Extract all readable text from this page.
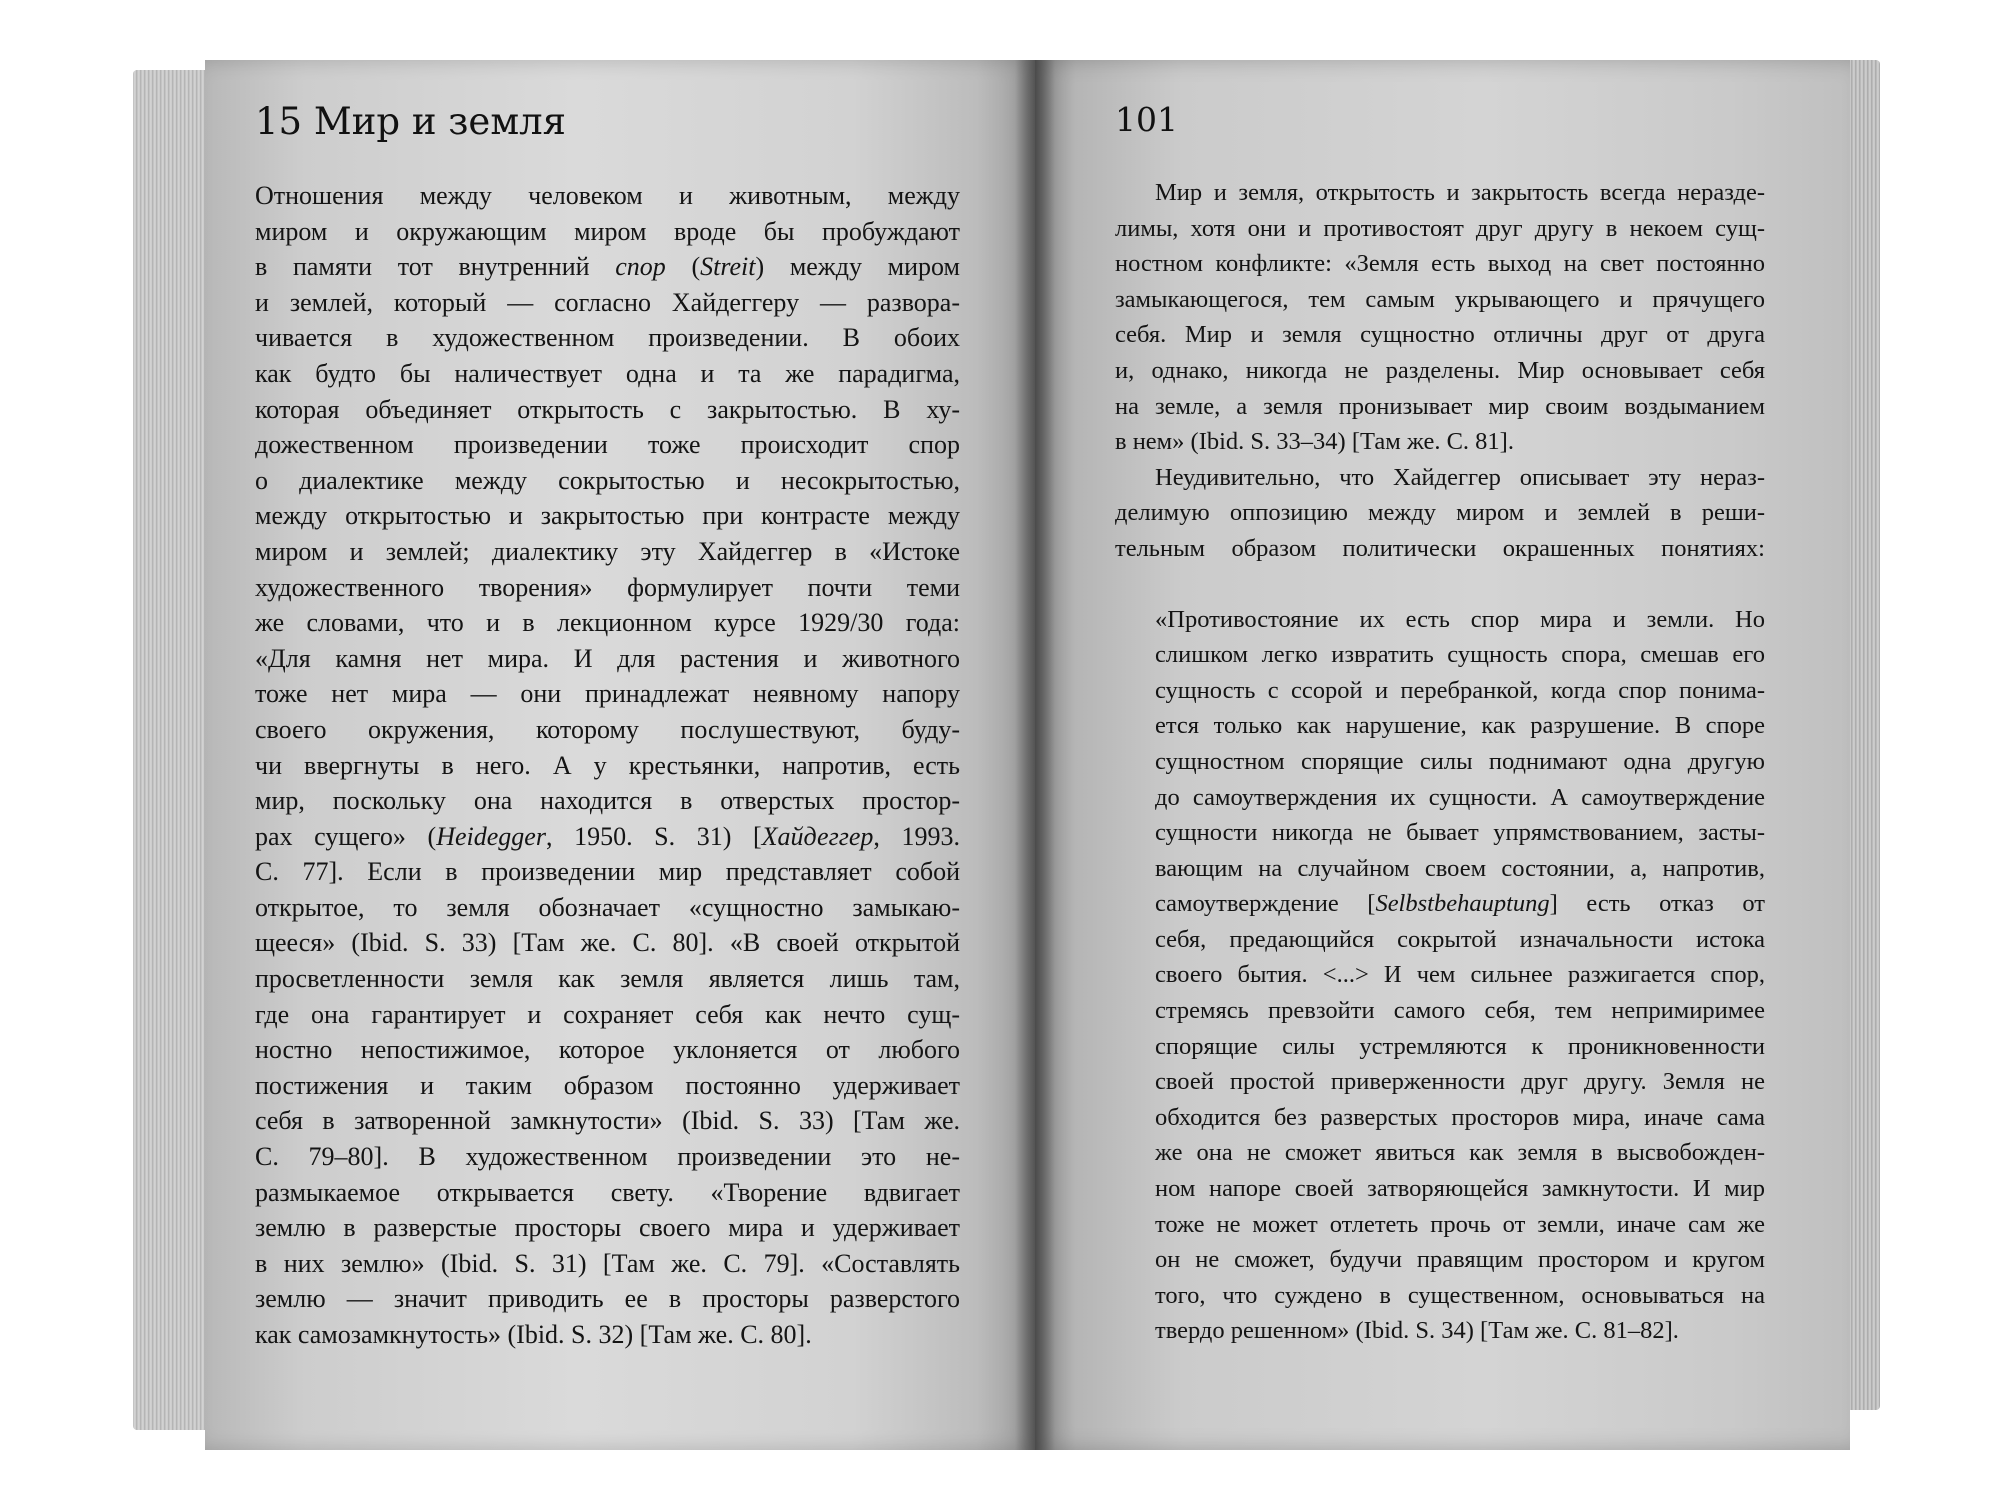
15 Мир и земля
Отношения между человеком и животным, между
миром и окружающим миром вроде бы пробуждают
в памяти тот внутренний спор (Streit) между миром
и землей, который — согласно Хайдеггеру — развора-
чивается в художественном произведении. В обоих
как будто бы наличествует одна и та же парадигма,
которая объединяет открытость с закрытостью. В ху-
дожественном произведении тоже происходит спор
о диалектике между сокрытостью и несокрытостью,
между открытостью и закрытостью при контрасте между
миром и землей; диалектику эту Хайдеггер в «Истоке
художественного творения» формулирует почти теми
же словами, что и в лекционном курсе 1929/30 года:
«Для камня нет мира. И для растения и животного
тоже нет мира — они принадлежат неявному напору
своего окружения, которому послушествуют, буду-
чи ввергнуты в него. А у крестьянки, напротив, есть
мир, поскольку она находится в отверстых простор-
рах сущего» (Heidegger, 1950. S. 31) [Хайдеггер, 1993.
С. 77]. Если в произведении мир представляет собой
открытое, то земля обозначает «сущностно замыкаю-
щееся» (Ibid. S. 33) [Там же. С. 80]. «В своей открытой
просветленности земля как земля является лишь там,
где она гарантирует и сохраняет себя как нечто сущ-
ностно непостижимое, которое уклоняется от любого
постижения и таким образом постоянно удерживает
себя в затворенной замкнутости» (Ibid. S. 33) [Там же.
С. 79–80]. В художественном произведении это не-
размыкаемое открывается свету. «Творение вдвигает
землю в разверстые просторы своего мира и удерживает
в них землю» (Ibid. S. 31) [Там же. С. 79]. «Составлять
землю — значит приводить ее в просторы разверстого
как самозамкнутость» (Ibid. S. 32) [Там же. С. 80].
101
Мир и земля, открытость и закрытость всегда нераздe-
лимы, хотя они и противостоят друг другу в некоем сущ-
ностном конфликте: «Земля есть выход на свет постоянно
замыкающегося, тем самым укрывающего и прячущего
себя. Мир и земля сущностно отличны друг от друга
и, однако, никогда не разделены. Мир основывает себя
на земле, а земля пронизывает мир своим воздыманием
в нем» (Ibid. S. 33–34) [Там же. С. 81].
Неудивительно, что Хайдеггер описывает эту нераз-
делимую оппозицию между миром и землей в реши-
тельным образом политически окрашенных понятиях:
«Противостояние их есть спор мира и земли. Но
слишком легко извратить сущность спора, смешав его
сущность с ссорой и перебранкой, когда спор понима-
ется только как нарушение, как разрушение. В споре
сущностном спорящие силы поднимают одна другую
до самоутверждения их сущности. А самоутверждение
сущности никогда не бывает упрямствованием, засты-
вающим на случайном своем состоянии, а, напротив,
самоутверждение [Selbstbehauptung] есть отказ от
себя, предающийся сокрытой изначальности истока
своего бытия. <...> И чем сильнее разжигается спор,
стремясь превзойти самого себя, тем непримиримее
спорящие силы устремляются к проникновенности
своей простой приверженности друг другу. Земля не
обходится без разверстых просторов мира, иначе сама
же она не сможет явиться как земля в высвобожден-
ном напоре своей затворяющейся замкнутости. И мир
тоже не может отлететь прочь от земли, иначе сам же
он не сможет, будучи правящим простором и кругом
того, что суждено в существенном, основываться на
твердо решенном» (Ibid. S. 34) [Там же. С. 81–82].
